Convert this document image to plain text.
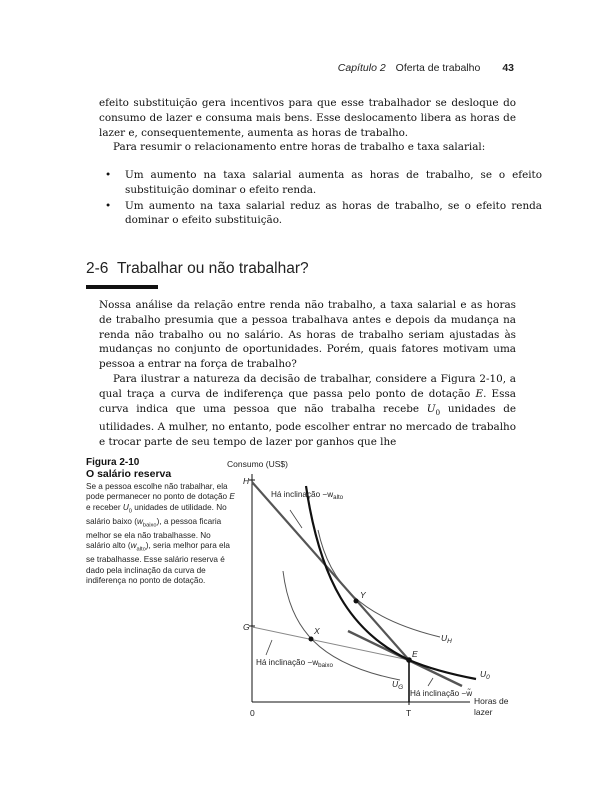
Capítulo 2 Oferta de trabalho 43

efeito substituição gera incentivos para que esse trabalhador se desloque do consumo de lazer e consuma mais bens. Esse deslocamento libera as horas de lazer e, consequentemente, aumenta as horas de trabalho.

Para resumir o relacionamento entre horas de trabalho e taxa salarial:

• Um aumento na taxa salarial aumenta as horas de trabalho, se o efeito substituição dominar o efeito renda.
• Um aumento na taxa salarial reduz as horas de trabalho, se o efeito renda dominar o efeito substituição.
2-6 Trabalhar ou não trabalhar?

Nossa análise da relação entre renda não trabalho, a taxa salarial e as horas de trabalho presumia que a pessoa trabalhava antes e depois da mudança na renda não trabalho ou no salário. As horas de trabalho seriam ajustadas às mudanças no conjunto de oportunidades. Porém, quais fatores motivam uma pessoa a entrar na força de trabalho?

Para ilustrar a natureza da decisão de trabalhar, considere a Figura 2-10, a qual traça a curva de indiferença que passa pelo ponto de dotação E. Essa curva indica que uma pessoa que não trabalha recebe $U_0$ unidades de utilidades. A mulher, no entanto, pode escolher entrar no mercado de trabalho e trocar parte de seu tempo de lazer por ganhos que lhe

Figura 2-10
O salário reserva
Se a pessoa escolhe não trabalhar, ela pode permanecer no ponto de dotação E e receber $U_0$ unidades de utilidade. No salário baixo $(w_{baixo})$, a pessoa ficaria melhor se ela não trabalhasse. No salário alto $(w_{alto})$, seria melhor para ela se trabalhasse. Esse salário reserva é dado pela inclinação da curva de indiferença no ponto de dotação.
Consumo (US$)
H
G
0	T
Horas de
lazer
Y
X
E
$U_H$
$U_G$
$U_0$
Há inclinação $-w_{alto}$
Há inclinação $-w_{baixo}$
Há inclinação −w̃
